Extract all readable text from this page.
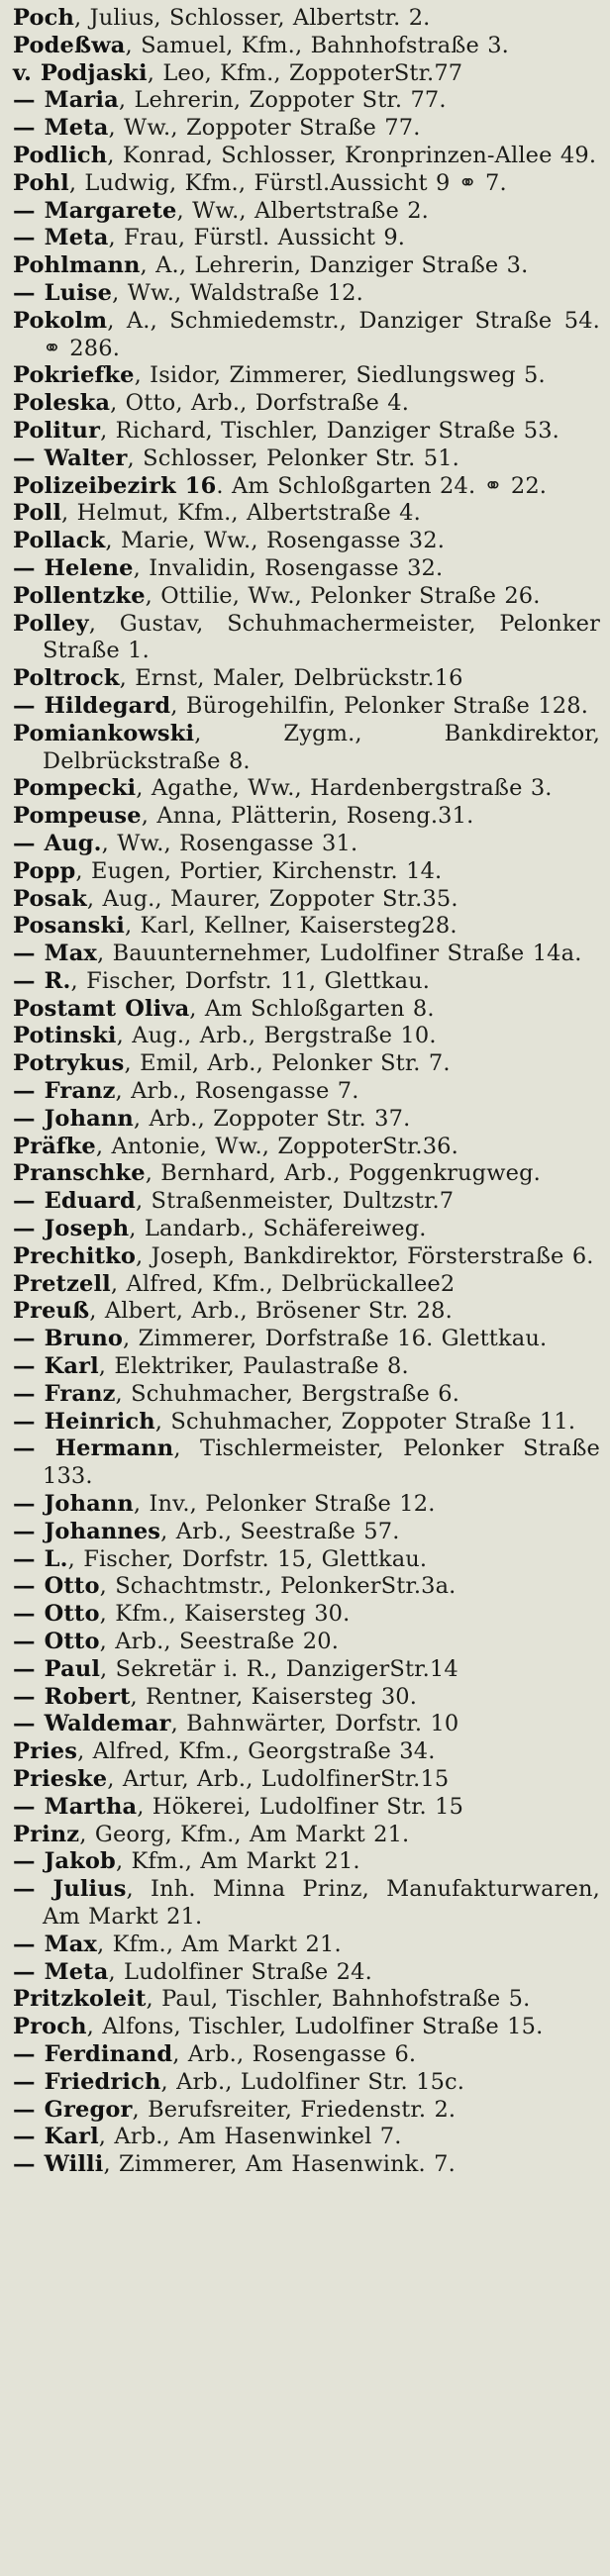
Poch, Julius, Schlosser, Albertstr. 2.
Podeßwa, Samuel, Kfm., Bahnhofstraße 3.
v. Podjaski, Leo, Kfm., ZoppoterStr.77
— Maria, Lehrerin, Zoppoter Str. 77.
— Meta, Ww., Zoppoter Straße 77.
Podlich, Konrad, Schlosser, Kronprinzen-Allee 49.
Pohl, Ludwig, Kfm., Fürstl.Aussicht 9 ⚭ 7.
— Margarete, Ww., Albertstraße 2.
— Meta, Frau, Fürstl. Aussicht 9.
Pohlmann, A., Lehrerin, Danziger Straße 3.
— Luise, Ww., Waldstraße 12.
Pokolm, A., Schmiedemstr., Danziger Straße 54. ⚭ 286.
Pokriefke, Isidor, Zimmerer, Siedlungsweg 5.
Poleska, Otto, Arb., Dorfstraße 4.
Politur, Richard, Tischler, Danziger Straße 53.
— Walter, Schlosser, Pelonker Str. 51.
Polizeibezirk 16. Am Schloßgarten 24. ⚭ 22.
Poll, Helmut, Kfm., Albertstraße 4.
Pollack, Marie, Ww., Rosengasse 32.
— Helene, Invalidin, Rosengasse 32.
Pollentzke, Ottilie, Ww., Pelonker Straße 26.
Polley, Gustav, Schuhmachermeister, Pelonker Straße 1.
Poltrock, Ernst, Maler, Delbrückstr.16
— Hildegard, Bürogehilfin, Pelonker Straße 128.
Pomiankowski, Zygm., Bankdirektor, Delbrückstraße 8.
Pompecki, Agathe, Ww., Hardenbergstraße 3.
Pompeuse, Anna, Plätterin, Roseng.31.
— Aug., Ww., Rosengasse 31.
Popp, Eugen, Portier, Kirchenstr. 14.
Posak, Aug., Maurer, Zoppoter Str.35.
Posanski, Karl, Kellner, Kaisersteg28.
— Max, Bauunternehmer, Ludolfiner Straße 14a.
— R., Fischer, Dorfstr. 11, Glettkau.
Postamt Oliva, Am Schloßgarten 8.
Potinski, Aug., Arb., Bergstraße 10.
Potrykus, Emil, Arb., Pelonker Str. 7.
— Franz, Arb., Rosengasse 7.
— Johann, Arb., Zoppoter Str. 37.
Präfke, Antonie, Ww., ZoppoterStr.36.
Pranschke, Bernhard, Arb., Poggenkrugweg.
— Eduard, Straßenmeister, Dultzstr.7
— Joseph, Landarb., Schäfereiweg.
Prechitko, Joseph, Bankdirektor, Försterstraße 6.
Pretzell, Alfred, Kfm., Delbrückallee2
Preuß, Albert, Arb., Brösener Str. 28.
— Bruno, Zimmerer, Dorfstraße 16. Glettkau.
— Karl, Elektriker, Paulastraße 8.
— Franz, Schuhmacher, Bergstraße 6.
— Heinrich, Schuhmacher, Zoppoter Straße 11.
— Hermann, Tischlermeister, Pelonker Straße 133.
— Johann, Inv., Pelonker Straße 12.
— Johannes, Arb., Seestraße 57.
— L., Fischer, Dorfstr. 15, Glettkau.
— Otto, Schachtmstr., PelonkerStr.3a.
— Otto, Kfm., Kaisersteg 30.
— Otto, Arb., Seestraße 20.
— Paul, Sekretär i. R., DanzigerStr.14
— Robert, Rentner, Kaisersteg 30.
— Waldemar, Bahnwärter, Dorfstr. 10
Pries, Alfred, Kfm., Georgstraße 34.
Prieske, Artur, Arb., LudolfinerStr.15
— Martha, Hökerei, Ludolfiner Str. 15
Prinz, Georg, Kfm., Am Markt 21.
— Jakob, Kfm., Am Markt 21.
— Julius, Inh. Minna Prinz, Manufakturwaren, Am Markt 21.
— Max, Kfm., Am Markt 21.
— Meta, Ludolfiner Straße 24.
Pritzkoleit, Paul, Tischler, Bahnhofstraße 5.
Proch, Alfons, Tischler, Ludolfiner Straße 15.
— Ferdinand, Arb., Rosengasse 6.
— Friedrich, Arb., Ludolfiner Str. 15c.
— Gregor, Berufsreiter, Friedenstr. 2.
— Karl, Arb., Am Hasenwinkel 7.
— Willi, Zimmerer, Am Hasenwink. 7.
